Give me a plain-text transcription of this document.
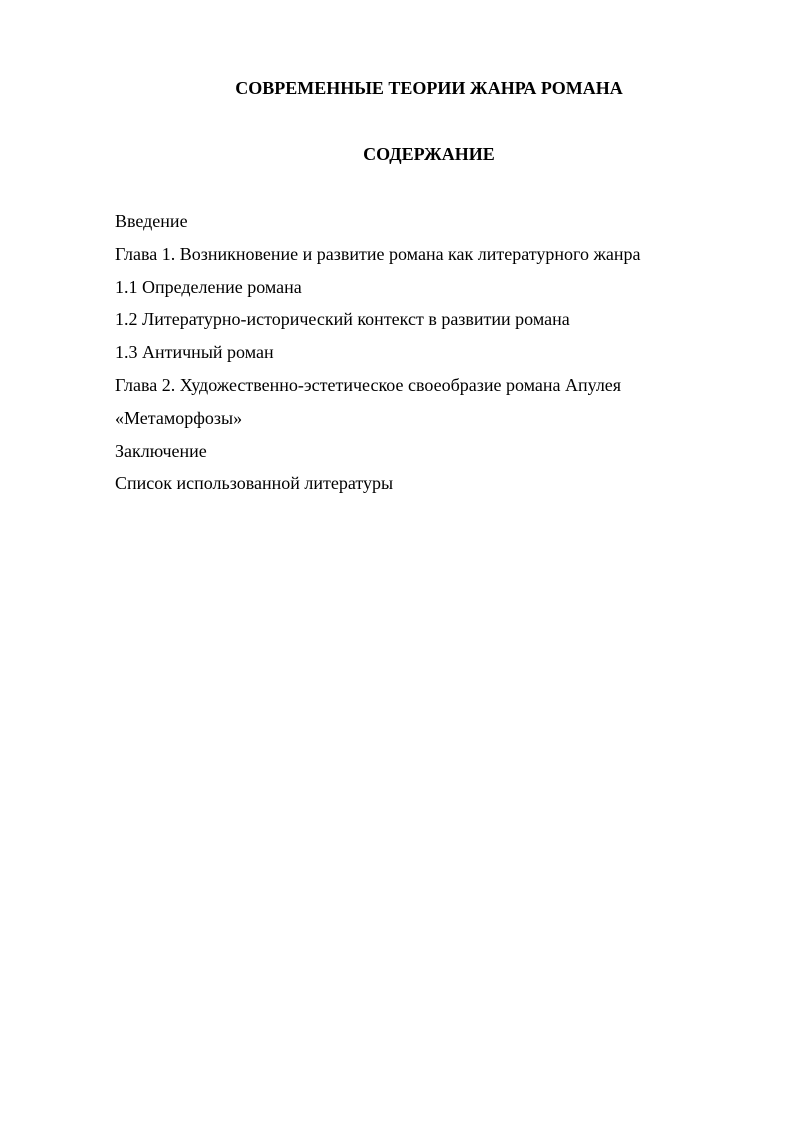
СОВРЕМЕННЫЕ ТЕОРИИ ЖАНРА РОМАНА
СОДЕРЖАНИЕ
Введение
Глава 1. Возникновение и развитие романа как литературного жанра
1.1 Определение романа
1.2 Литературно-исторический контекст в развитии романа
1.3 Античный роман
Глава 2. Художественно-эстетическое своеобразие романа Апулея
«Метаморфозы»
Заключение
Список использованной литературы
